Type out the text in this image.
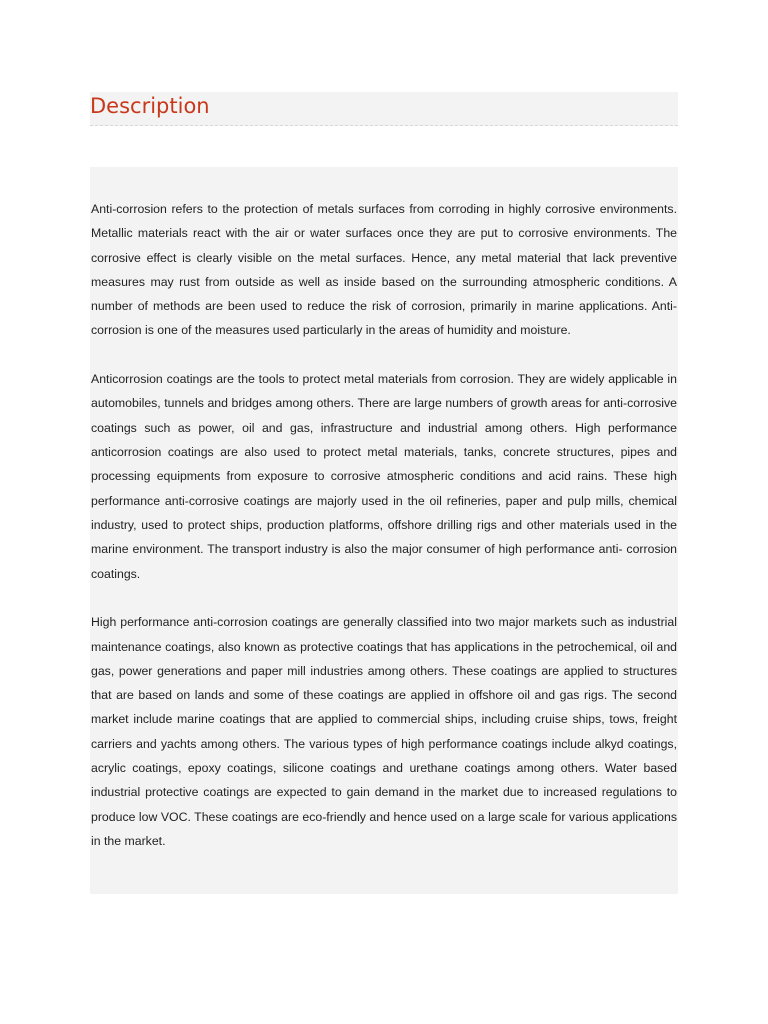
Description

Anti-corrosion refers to the protection of metals surfaces from corroding in highly corrosive environments. Metallic materials react with the air or water surfaces once they are put to corrosive environments. The corrosive effect is clearly visible on the metal surfaces. Hence, any metal material that lack preventive measures may rust from outside as well as inside based on the surrounding atmospheric conditions. A number of methods are been used to reduce the risk of corrosion, primarily in marine applications. Anti-corrosion is one of the measures used particularly in the areas of humidity and moisture.

Anticorrosion coatings are the tools to protect metal materials from corrosion. They are widely applicable in automobiles, tunnels and bridges among others. There are large numbers of growth areas for anti-corrosive coatings such as power, oil and gas, infrastructure and industrial among others. High performance anticorrosion coatings are also used to protect metal materials, tanks, concrete structures, pipes and processing equipments from exposure to corrosive atmospheric conditions and acid rains. These high performance anti-corrosive coatings are majorly used in the oil refineries, paper and pulp mills, chemical industry, used to protect ships, production platforms, offshore drilling rigs and other materials used in the marine environment. The transport industry is also the major consumer of high performance anti- corrosion coatings.

High performance anti-corrosion coatings are generally classified into two major markets such as industrial maintenance coatings, also known as protective coatings that has applications in the petrochemical, oil and gas, power generations and paper mill industries among others. These coatings are applied to structures that are based on lands and some of these coatings are applied in offshore oil and gas rigs. The second market include marine coatings that are applied to commercial ships, including cruise ships, tows, freight carriers and yachts among others. The various types of high performance coatings include alkyd coatings, acrylic coatings, epoxy coatings, silicone coatings and urethane coatings among others. Water based industrial protective coatings are expected to gain demand in the market due to increased regulations to produce low VOC. These coatings are eco-friendly and hence used on a large scale for various applications in the market.
